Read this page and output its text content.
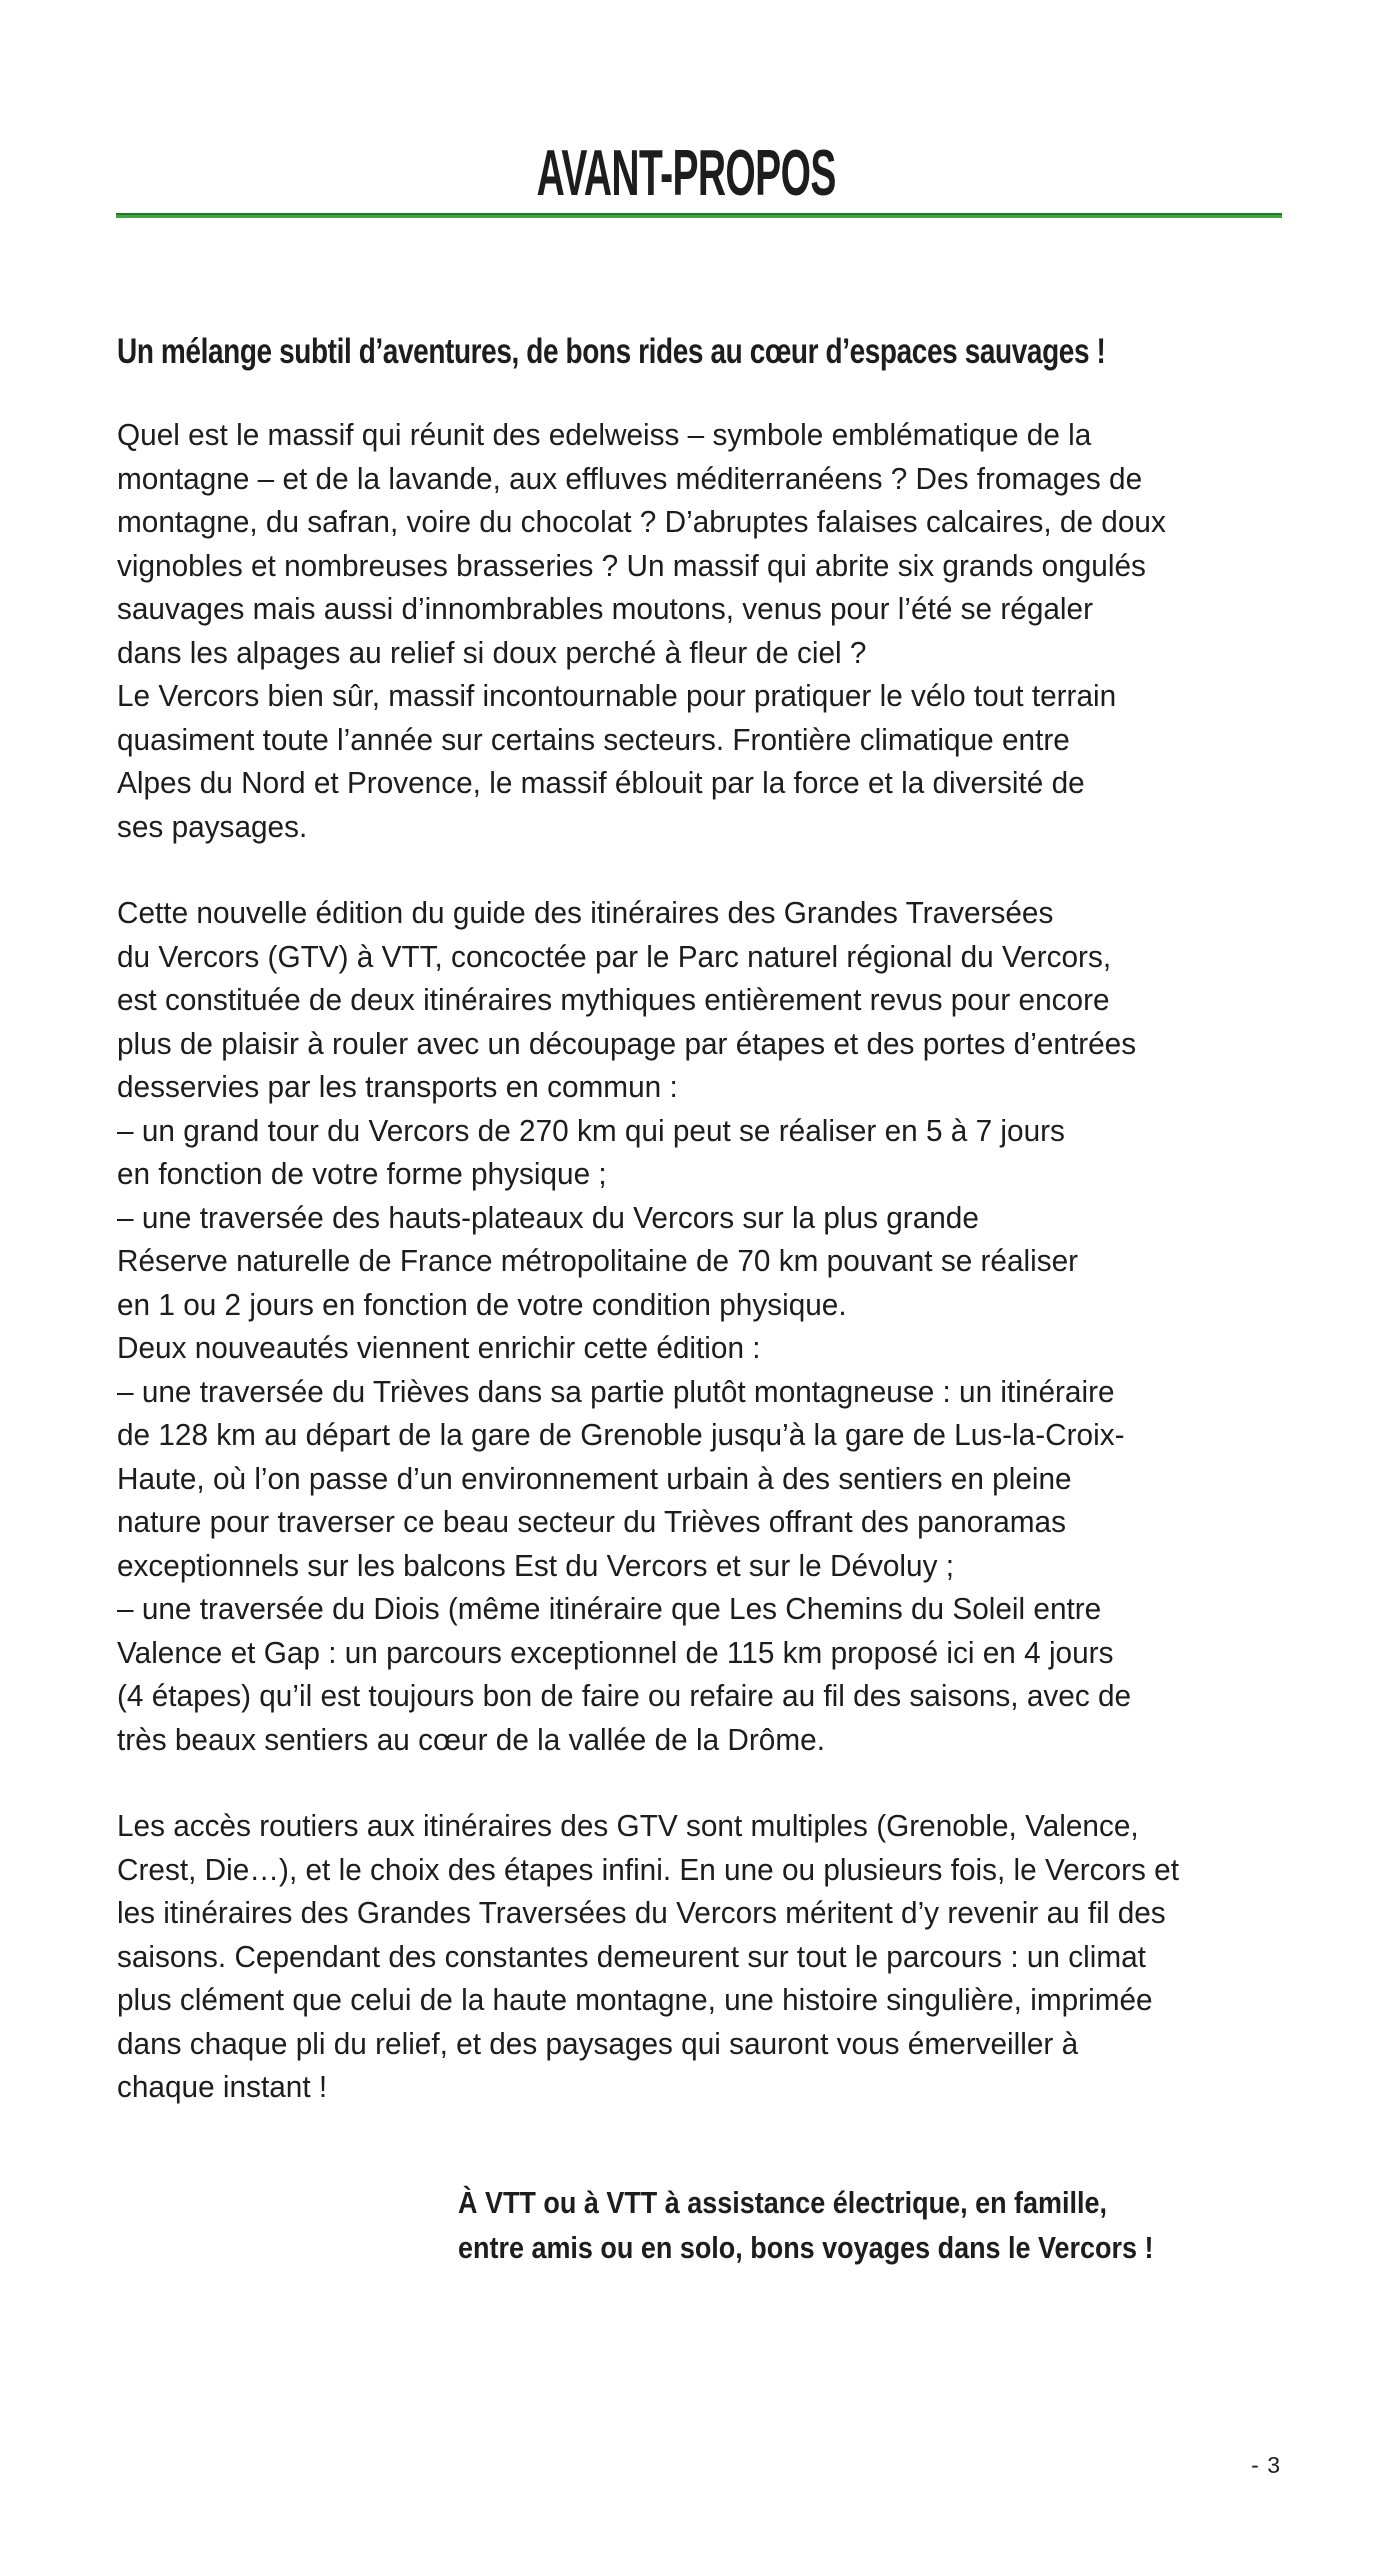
AVANT-PROPOS
Un mélange subtil d’aventures, de bons rides au cœur d’espaces sauvages !
Quel est le massif qui réunit des edelweiss – symbole emblématique de la
montagne – et de la lavande, aux effluves méditerranéens ? Des fromages de
montagne, du safran, voire du chocolat ? D’abruptes falaises calcaires, de doux
vignobles et nombreuses brasseries ? Un massif qui abrite six grands ongulés
sauvages mais aussi d’innombrables moutons, venus pour l’été se régaler
dans les alpages au relief si doux perché à fleur de ciel ?
Le Vercors bien sûr, massif incontournable pour pratiquer le vélo tout terrain
quasiment toute l’année sur certains secteurs. Frontière climatique entre
Alpes du Nord et Provence, le massif éblouit par la force et la diversité de
ses paysages.
Cette nouvelle édition du guide des itinéraires des Grandes Traversées
du Vercors (GTV) à VTT, concoctée par le Parc naturel régional du Vercors,
est constituée de deux itinéraires mythiques entièrement revus pour encore
plus de plaisir à rouler avec un découpage par étapes et des portes d’entrées
desservies par les transports en commun :
– un grand tour du Vercors de 270 km qui peut se réaliser en 5 à 7 jours
en fonction de votre forme physique ;
– une traversée des hauts-plateaux du Vercors sur la plus grande
Réserve naturelle de France métropolitaine de 70 km pouvant se réaliser
en 1 ou 2 jours en fonction de votre condition physique.
Deux nouveautés viennent enrichir cette édition :
– une traversée du Trièves dans sa partie plutôt montagneuse : un itinéraire
de 128 km au départ de la gare de Grenoble jusqu’à la gare de Lus-la-Croix-
Haute, où l’on passe d’un environnement urbain à des sentiers en pleine
nature pour traverser ce beau secteur du Trièves offrant des panoramas
exceptionnels sur les balcons Est du Vercors et sur le Dévoluy ;
– une traversée du Diois (même itinéraire que Les Chemins du Soleil entre
Valence et Gap : un parcours exceptionnel de 115 km proposé ici en 4 jours
(4 étapes) qu’il est toujours bon de faire ou refaire au fil des saisons, avec de
très beaux sentiers au cœur de la vallée de la Drôme.
Les accès routiers aux itinéraires des GTV sont multiples (Grenoble, Valence,
Crest, Die…), et le choix des étapes infini. En une ou plusieurs fois, le Vercors et
les itinéraires des Grandes Traversées du Vercors méritent d’y revenir au fil des
saisons. Cependant des constantes demeurent sur tout le parcours : un climat
plus clément que celui de la haute montagne, une histoire singulière, imprimée
dans chaque pli du relief, et des paysages qui sauront vous émerveiller à
chaque instant !
À VTT ou à VTT à assistance électrique, en famille,
entre amis ou en solo, bons voyages dans le Vercors !
- 3
